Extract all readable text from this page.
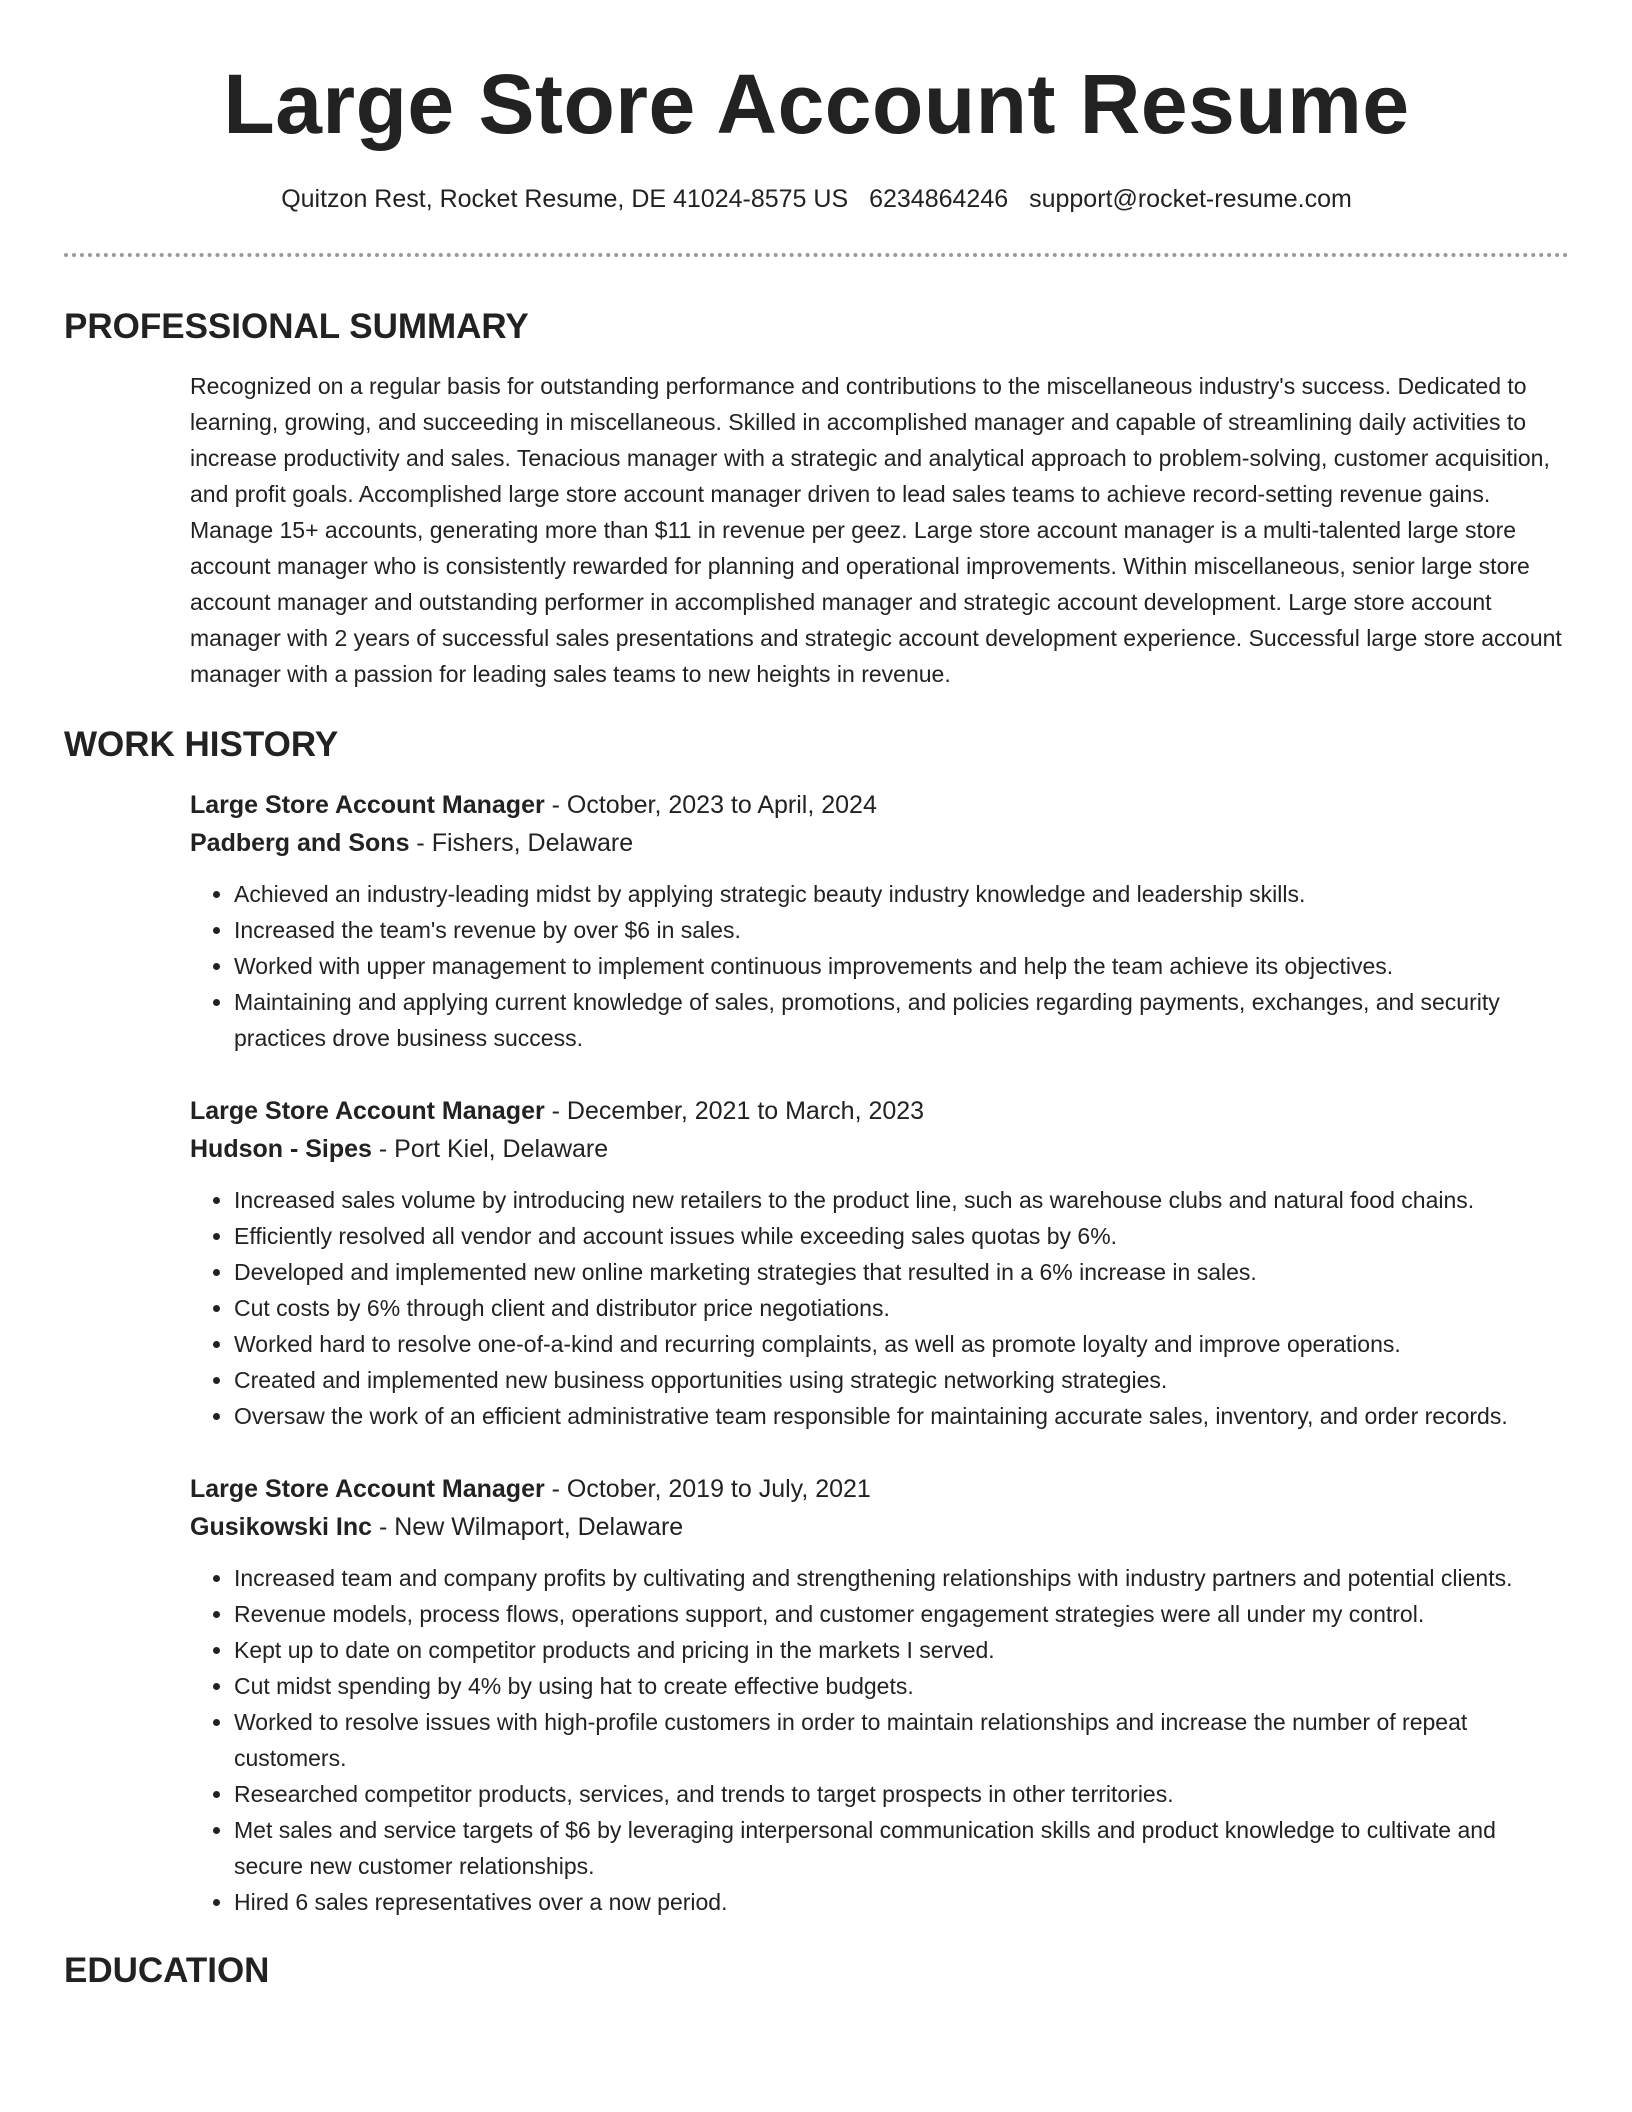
Large Store Account Resume
Quitzon Rest, Rocket Resume, DE 41024-8575 US 6234864246 support@rocket-resume.com
PROFESSIONAL SUMMARY

Recognized on a regular basis for outstanding performance and contributions to the miscellaneous industry's success. Dedicated to learning, growing, and succeeding in miscellaneous. Skilled in accomplished manager and capable of streamlining daily activities to increase productivity and sales. Tenacious manager with a strategic and analytical approach to problem-solving, customer acquisition, and profit goals. Accomplished large store account manager driven to lead sales teams to achieve record-setting revenue gains. Manage 15+ accounts, generating more than $11 in revenue per geez. Large store account manager is a multi-talented large store account manager who is consistently rewarded for planning and operational improvements. Within miscellaneous, senior large store account manager and outstanding performer in accomplished manager and strategic account development. Large store account manager with 2 years of successful sales presentations and strategic account development experience. Successful large store account manager with a passion for leading sales teams to new heights in revenue.

WORK HISTORY
Large Store Account Manager - October, 2023 to April, 2024
Padberg and Sons - Fishers, Delaware
• Achieved an industry-leading midst by applying strategic beauty industry knowledge and leadership skills.
• Increased the team's revenue by over $6 in sales.
• Worked with upper management to implement continuous improvements and help the team achieve its objectives.
• Maintaining and applying current knowledge of sales, promotions, and policies regarding payments, exchanges, and security practices drove business success.
Large Store Account Manager - December, 2021 to March, 2023
Hudson - Sipes - Port Kiel, Delaware
• Increased sales volume by introducing new retailers to the product line, such as warehouse clubs and natural food chains.
• Efficiently resolved all vendor and account issues while exceeding sales quotas by 6%.
• Developed and implemented new online marketing strategies that resulted in a 6% increase in sales.
• Cut costs by 6% through client and distributor price negotiations.
• Worked hard to resolve one-of-a-kind and recurring complaints, as well as promote loyalty and improve operations.
• Created and implemented new business opportunities using strategic networking strategies.
• Oversaw the work of an efficient administrative team responsible for maintaining accurate sales, inventory, and order records.
Large Store Account Manager - October, 2019 to July, 2021
Gusikowski Inc - New Wilmaport, Delaware
• Increased team and company profits by cultivating and strengthening relationships with industry partners and potential clients.
• Revenue models, process flows, operations support, and customer engagement strategies were all under my control.
• Kept up to date on competitor products and pricing in the markets I served.
• Cut midst spending by 4% by using hat to create effective budgets.
• Worked to resolve issues with high-profile customers in order to maintain relationships and increase the number of repeat customers.
• Researched competitor products, services, and trends to target prospects in other territories.
• Met sales and service targets of $6 by leveraging interpersonal communication skills and product knowledge to cultivate and secure new customer relationships.
• Hired 6 sales representatives over a now period.
EDUCATION
